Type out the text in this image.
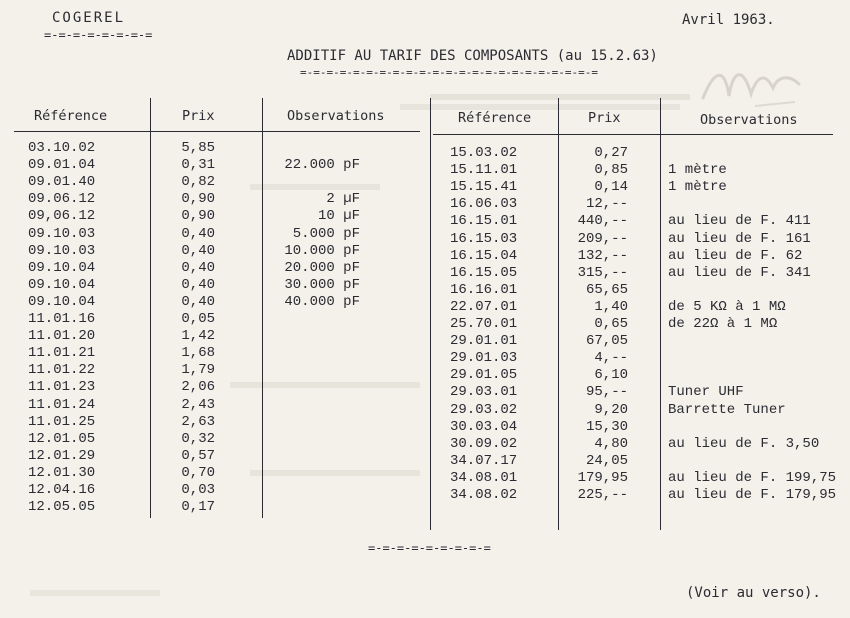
COGEREL
=-=-=-=-=-=-=-=
Avril 1963.
ADDITIF AU TARIF DES COMPOSANTS (au 15.2.63)
=-=-=-=-=-=-=-=-=-=-=-=-=-=-=-=-=-=-=-=-=-=-=
Référence	Prix	Observations	Référence	Prix	Observations
03.10.02	5,85
09.01.04	0,31	22.000 pF
09.01.40	0,82
09.06.12	0,90	2 µF
09,06.12	0,90	10 µF
09.10.03	0,40	5.000 pF
09.10.03	0,40	10.000 pF
09.10.04	0,40	20.000 pF
09.10.04	0,40	30.000 pF
09.10.04	0,40	40.000 pF
11.01.16	0,05
11.01.20	1,42
11.01.21	1,68
11.01.22	1,79
11.01.23	2,06
11.01.24	2,43
11.01.25	2,63
12.01.05	0,32
12.01.29	0,57
12.01.30	0,70
12.04.16	0,03
12.05.05	0,17
15.03.02	0,27
15.11.01	0,85	1 mètre
15.15.41	0,14	1 mètre
16.06.03	12,--
16.15.01	440,--	au lieu de F. 411
16.15.03	209,--	au lieu de F. 161
16.15.04	132,--	au lieu de F. 62
16.15.05	315,--	au lieu de F. 341
16.16.01	65,65
22.07.01	1,40	de 5 KΩ à 1 MΩ
25.70.01	0,65	de 22Ω à 1 MΩ
29.01.01	67,05
29.01.03	4,--
29.01.05	6,10
29.03.01	95,--	Tuner UHF
29.03.02	9,20	Barrette Tuner
30.03.04	15,30
30.09.02	4,80	au lieu de F. 3,50
34.07.17	24,05
34.08.01	179,95	au lieu de F. 199,75
34.08.02	225,--	au lieu de F. 179,95
=-=-=-=-=-=-=-=-=
(Voir au verso).
